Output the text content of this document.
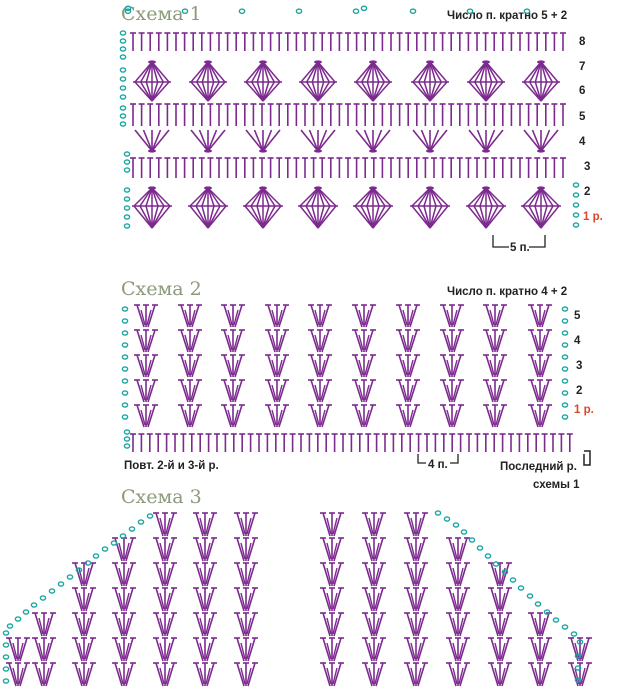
Схема 1	Число п. кратно 5 + 2
8
7
6
5
4
3
2
1 р.
5 п.
Схема 2	Число п. кратно 4 + 2
5
4
3
2
1 р.
Повт. 2-й и 3-й р.	4 п.	Последний р.
схемы 1
Схема 3
